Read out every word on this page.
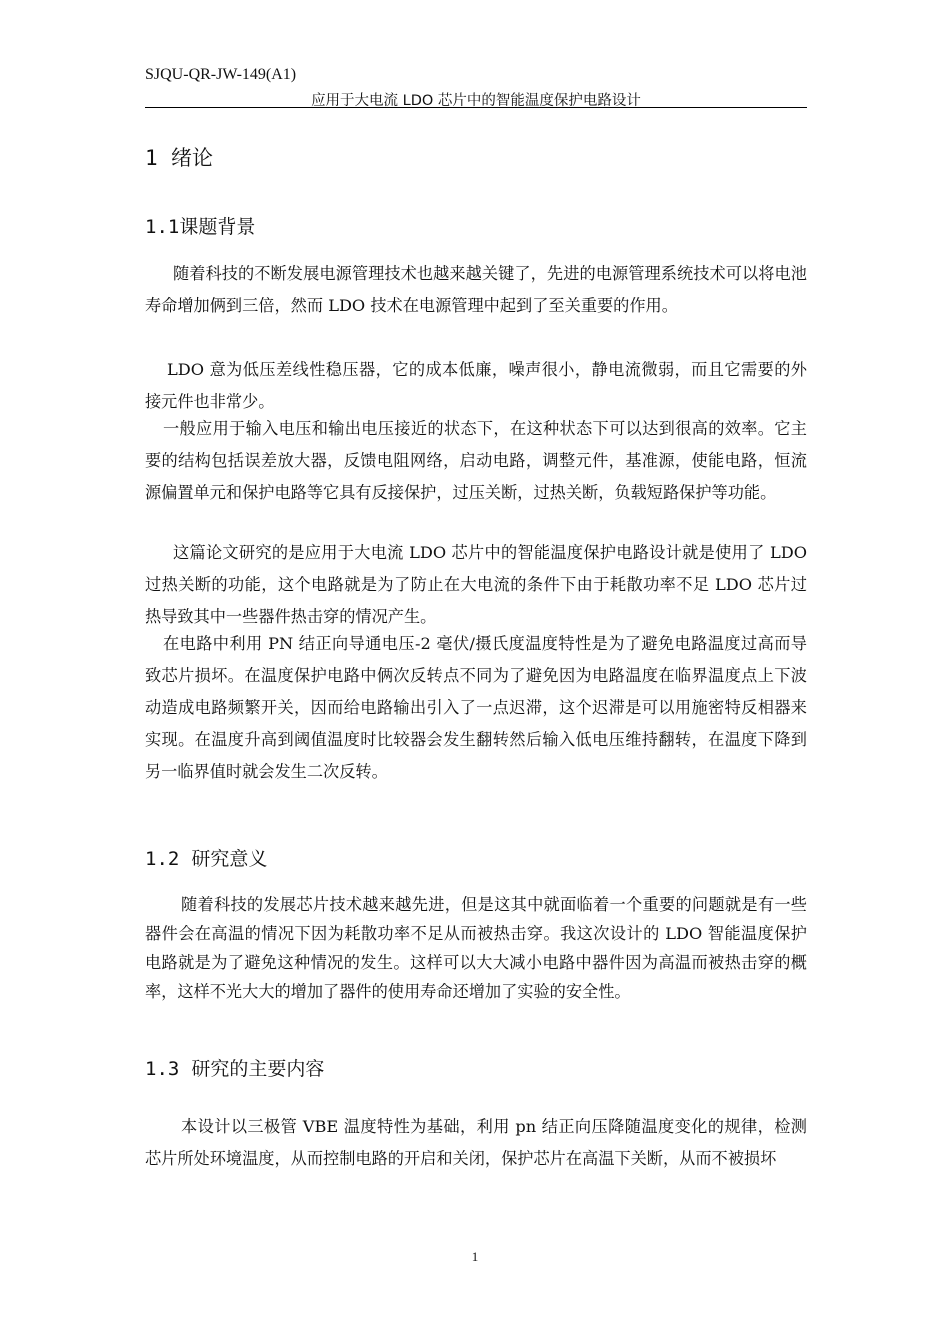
SJQU-QR-JW-149(A1)
应用于大电流 LDO 芯片中的智能温度保护电路设计
1 绪论
1.1课题背景

随着科技的不断发展电源管理技术也越来越关键了，先进的电源管理系统技术可以将电池寿命增加俩到三倍，然而 LDO 技术在电源管理中起到了至关重要的作用。

LDO 意为低压差线性稳压器，它的成本低廉，噪声很小，静电流微弱，而且它需要的外接元件也非常少。

一般应用于输入电压和输出电压接近的状态下，在这种状态下可以达到很高的效率。它主要的结构包括误差放大器，反馈电阻网络，启动电路，调整元件，基准源，使能电路，恒流源偏置单元和保护电路等它具有反接保护，过压关断，过热关断，负载短路保护等功能。

这篇论文研究的是应用于大电流 LDO 芯片中的智能温度保护电路设计就是使用了 LDO 过热关断的功能，这个电路就是为了防止在大电流的条件下由于耗散功率不足 LDO 芯片过热导致其中一些器件热击穿的情况产生。

在电路中利用 PN 结正向导通电压-2 毫伏/摄氏度温度特性是为了避免电路温度过高而导致芯片损坏。在温度保护电路中俩次反转点不同为了避免因为电路温度在临界温度点上下波动造成电路频繁开关，因而给电路输出引入了一点迟滞，这个迟滞是可以用施密特反相器来实现。在温度升高到阈值温度时比较器会发生翻转然后输入低电压维持翻转，在温度下降到另一临界值时就会发生二次反转。

1.2 研究意义

随着科技的发展芯片技术越来越先进，但是这其中就面临着一个重要的问题就是有一些器件会在高温的情况下因为耗散功率不足从而被热击穿。我这次设计的 LDO 智能温度保护电路就是为了避免这种情况的发生。这样可以大大减小电路中器件因为高温而被热击穿的概率，这样不光大大的增加了器件的使用寿命还增加了实验的安全性。

1.3 研究的主要内容

本设计以三极管 VBE 温度特性为基础，利用 pn 结正向压降随温度变化的规律，检测芯片所处环境温度，从而控制电路的开启和关闭，保护芯片在高温下关断，从而不被损坏

1
